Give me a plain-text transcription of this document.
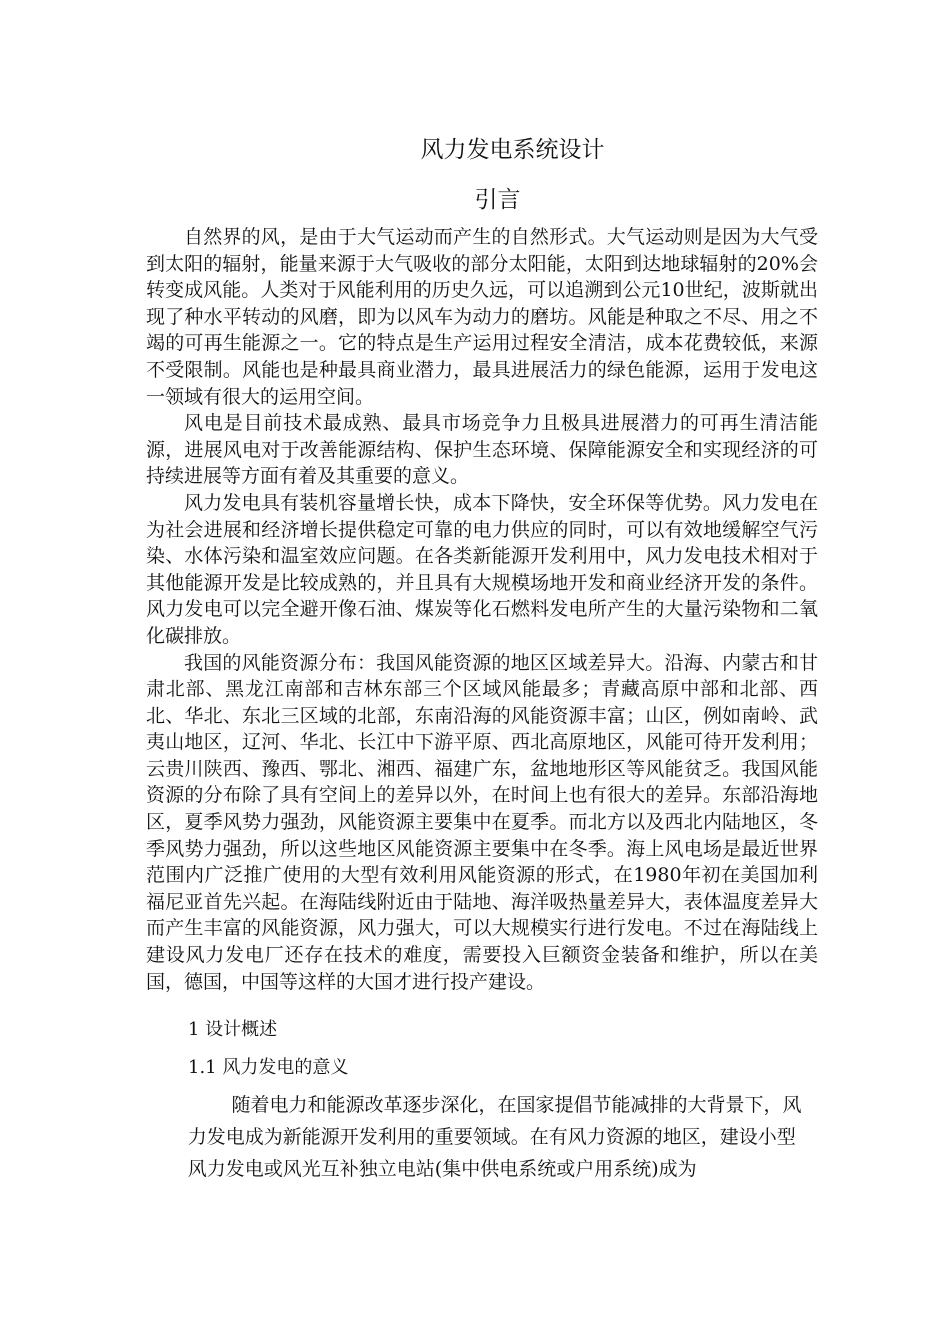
风力发电系统设计
引言

自然界的风，是由于大气运动而产生的自然形式。大气运动则是因为大气受到太阳的辐射，能量来源于大气吸收的部分太阳能，太阳到达地球辐射的20%会转变成风能。人类对于风能利用的历史久远，可以追溯到公元10世纪，波斯就出现了种水平转动的风磨，即为以风车为动力的磨坊。风能是种取之不尽、用之不竭的可再生能源之一。它的特点是生产运用过程安全清洁，成本花费较低，来源不受限制。风能也是种最具商业潜力，最具进展活力的绿色能源，运用于发电这一领域有很大的运用空间。

风电是目前技术最成熟、最具市场竞争力且极具进展潜力的可再生清洁能源，进展风电对于改善能源结构、保护生态环境、保障能源安全和实现经济的可持续进展等方面有着及其重要的意义。

风力发电具有装机容量增长快，成本下降快，安全环保等优势。风力发电在为社会进展和经济增长提供稳定可靠的电力供应的同时，可以有效地缓解空气污染、水体污染和温室效应问题。在各类新能源开发利用中，风力发电技术相对于其他能源开发是比较成熟的，并且具有大规模场地开发和商业经济开发的条件。风力发电可以完全避开像石油、煤炭等化石燃料发电所产生的大量污染物和二氧化碳排放。

我国的风能资源分布：我国风能资源的地区区域差异大。沿海、内蒙古和甘肃北部、黑龙江南部和吉林东部三个区域风能最多；青藏高原中部和北部、西北、华北、东北三区域的北部，东南沿海的风能资源丰富；山区，例如南岭、武夷山地区，辽河、华北、长江中下游平原、西北高原地区，风能可待开发利用；云贵川陕西、豫西、鄂北、湘西、福建广东，盆地地形区等风能贫乏。我国风能资源的分布除了具有空间上的差异以外，在时间上也有很大的差异。东部沿海地区，夏季风势力强劲，风能资源主要集中在夏季。而北方以及西北内陆地区，冬季风势力强劲，所以这些地区风能资源主要集中在冬季。海上风电场是最近世界范围内广泛推广使用的大型有效利用风能资源的形式，在1980年初在美国加利福尼亚首先兴起。在海陆线附近由于陆地、海洋吸热量差异大，表体温度差异大而产生丰富的风能资源，风力强大，可以大规模实行进行发电。不过在海陆线上建设风力发电厂还存在技术的难度，需要投入巨额资金装备和维护，所以在美国，德国，中国等这样的大国才进行投产建设。

1 设计概述
1.1 风力发电的意义

随着电力和能源改革逐步深化，在国家提倡节能减排的大背景下，风

力发电成为新能源开发利用的重要领域。在有风力资源的地区，建设小型

风力发电或风光互补独立电站(集中供电系统或户用系统)成为
